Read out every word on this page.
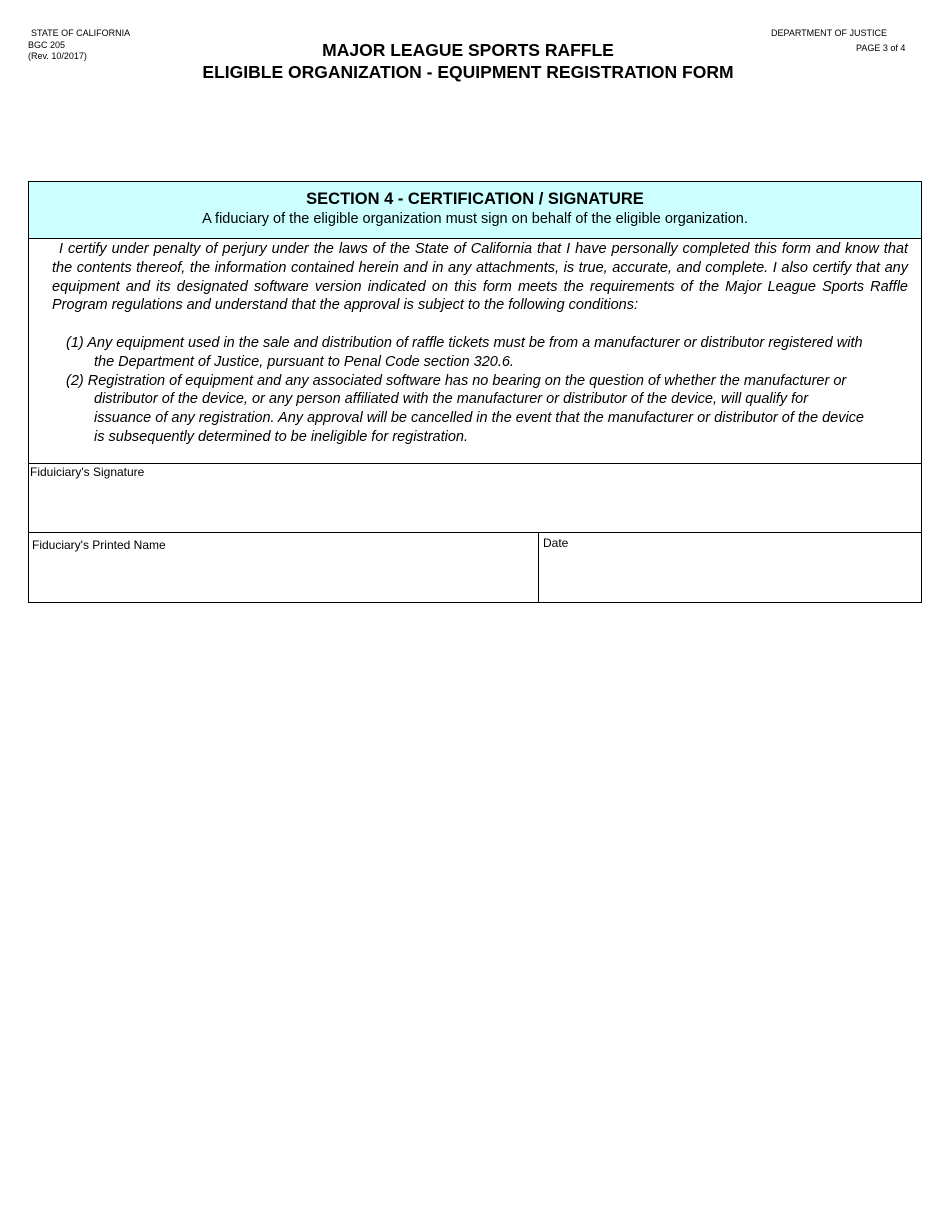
STATE OF CALIFORNIA
BGC 205
(Rev. 10/2017)
DEPARTMENT OF JUSTICE
PAGE 3 of 4
MAJOR LEAGUE SPORTS RAFFLE
ELIGIBLE ORGANIZATION - EQUIPMENT REGISTRATION FORM
SECTION 4 - CERTIFICATION / SIGNATURE
A fiduciary of the eligible organization must sign on behalf of the eligible organization.

I certify under penalty of perjury under the laws of the State of California that I have personally completed this form and know that the contents thereof, the information contained herein and in any attachments, is true, accurate, and complete. I also certify that any equipment and its designated software version indicated on this form meets the requirements of the Major League Sports Raffle Program regulations and understand that the approval is subject to the following conditions:

(1) Any equipment used in the sale and distribution of raffle tickets must be from a manufacturer or distributor registered with the Department of Justice, pursuant to Penal Code section 320.6.
(2) Registration of equipment and any associated software has no bearing on the question of whether the manufacturer or distributor of the device, or any person affiliated with the manufacturer or distributor of the device, will qualify for issuance of any registration. Any approval will be cancelled in the event that the manufacturer or distributor of the device is subsequently determined to be ineligible for registration.
Fiduiciary's Signature
Fiduciary's Printed Name	Date
